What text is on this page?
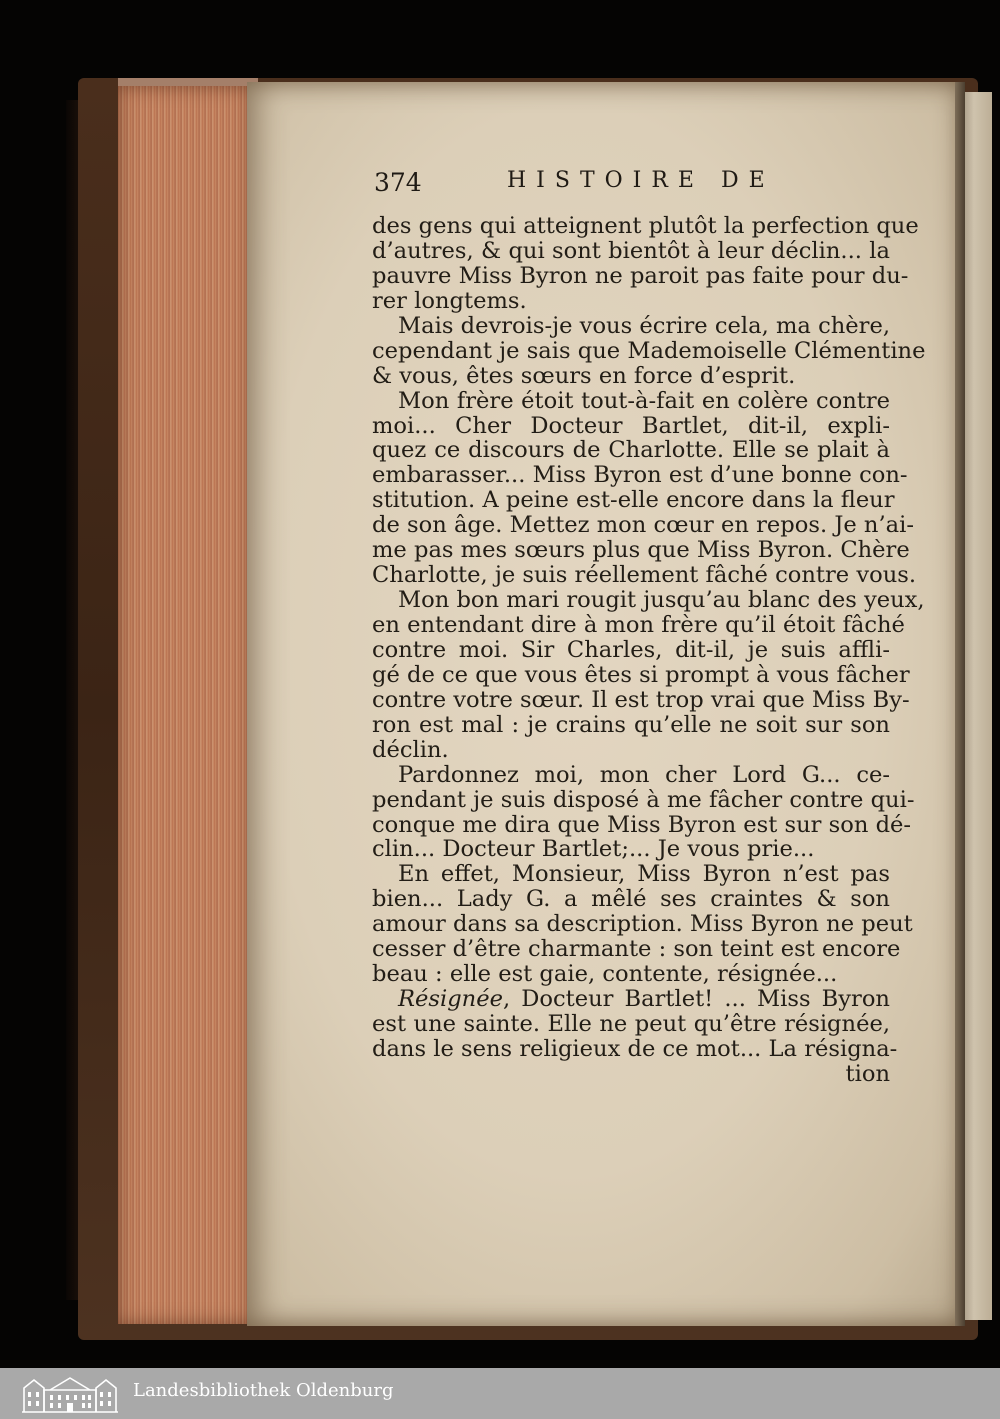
374	HISTOIRE DE
des gens qui atteignent plutôt la perfection que
d’autres, & qui sont bientôt à leur déclin... la
pauvre Miss Byron ne paroit pas faite pour du-
rer longtems.
Mais devrois-je vous écrire cela, ma chère,
cependant je sais que Mademoiselle Clémentine
& vous, êtes sœurs en force d’esprit.
Mon frère étoit tout-à-fait en colère contre
moi... Cher Docteur Bartlet, dit-il, expli-
quez ce discours de Charlotte. Elle se plait à
embarasser... Miss Byron est d’une bonne con-
stitution. A peine est-elle encore dans la fleur
de son âge. Mettez mon cœur en repos. Je n’ai-
me pas mes sœurs plus que Miss Byron. Chère
Charlotte, je suis réellement fâché contre vous.
Mon bon mari rougit jusqu’au blanc des yeux,
en entendant dire à mon frère qu’il étoit fâché
contre moi. Sir Charles, dit-il, je suis affli-
gé de ce que vous êtes si prompt à vous fâcher
contre votre sœur. Il est trop vrai que Miss By-
ron est mal : je crains qu’elle ne soit sur son
déclin.
Pardonnez moi, mon cher Lord G... ce-
pendant je suis disposé à me fâcher contre qui-
conque me dira que Miss Byron est sur son dé-
clin... Docteur Bartlet;... Je vous prie...
En effet, Monsieur, Miss Byron n’est pas
bien... Lady G. a mêlé ses craintes & son
amour dans sa description. Miss Byron ne peut
cesser d’être charmante : son teint est encore
beau : elle est gaie, contente, résignée...
Résignée, Docteur Bartlet! ... Miss Byron
est une sainte. Elle ne peut qu’être résignée,
dans le sens religieux de ce mot... La résigna-
tion
Landesbibliothek Oldenburg
